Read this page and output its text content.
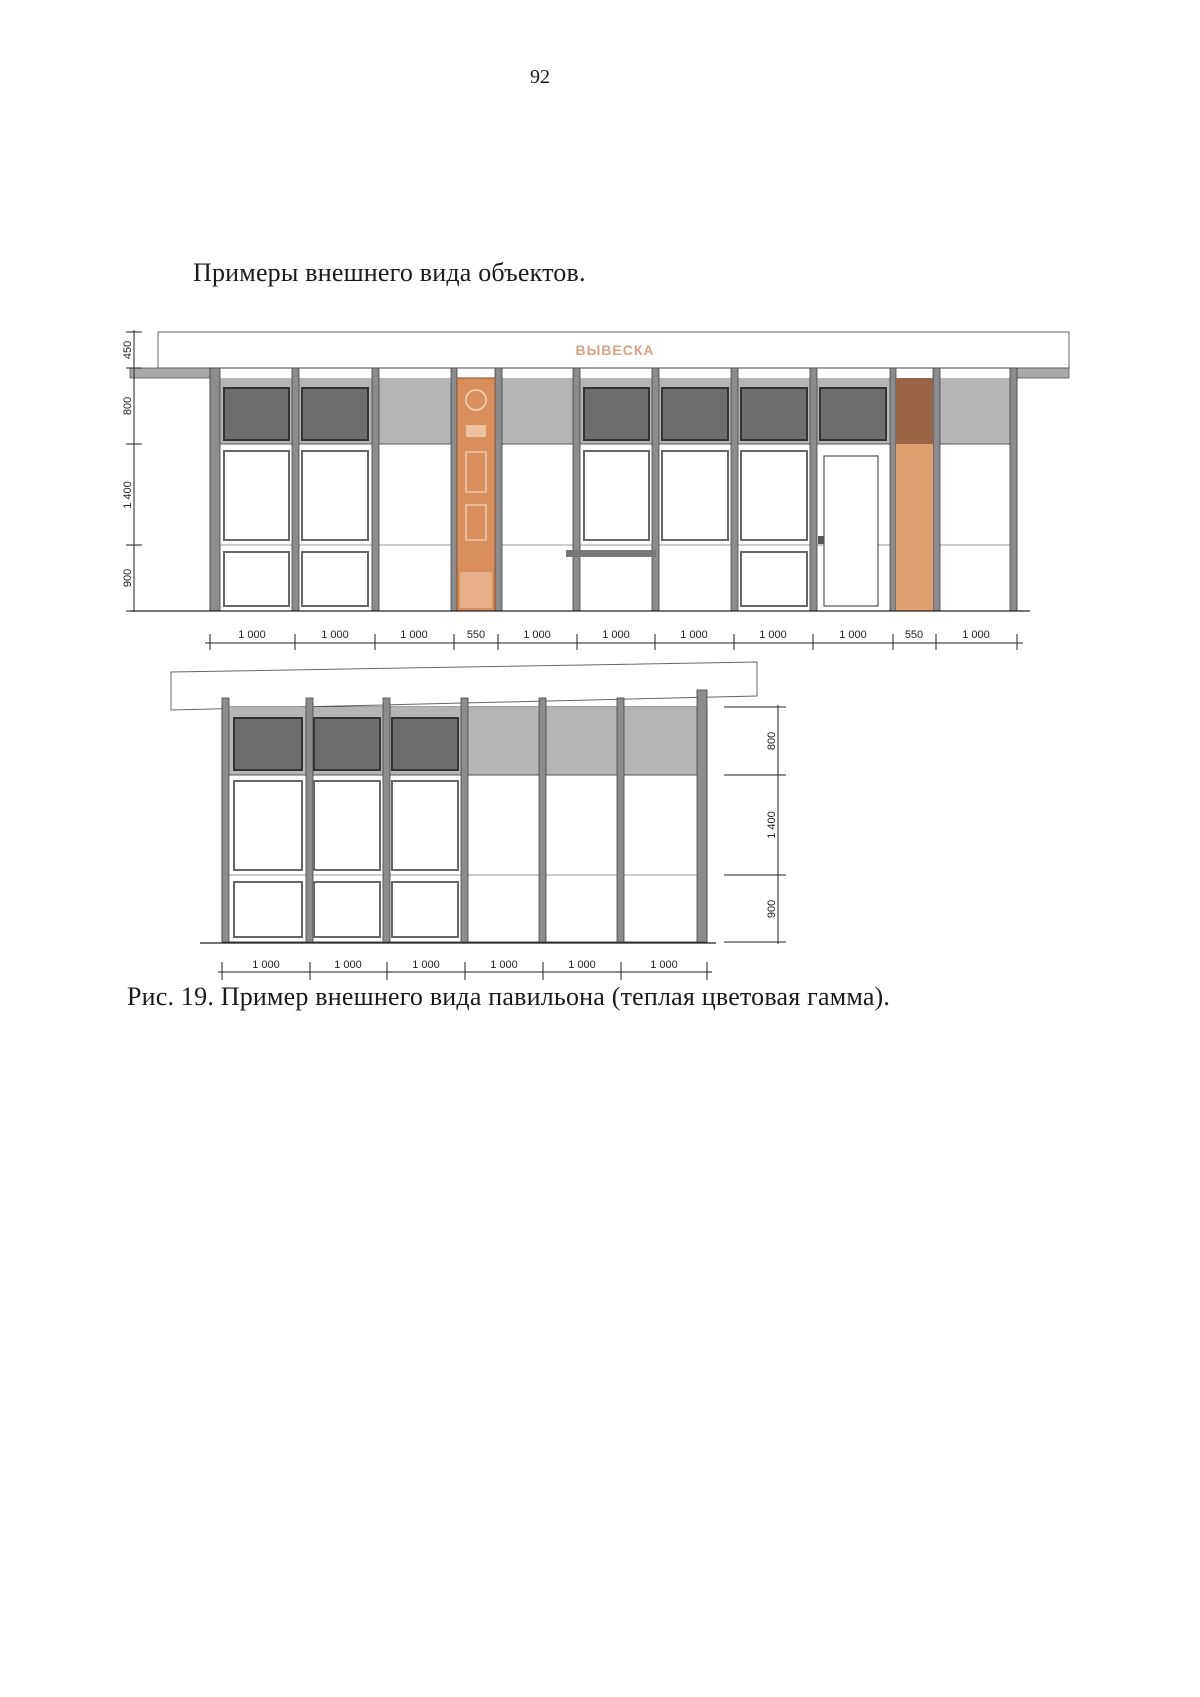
92
Примеры внешнего вида объектов.
ВЫВЕСКА
450
800
1 400
900
1 000	1 000	1 000	550	1 000	1 000	1 000	1 000	1 000	550	1 000
800
1 400
900
1 000	1 000	1 000	1 000	1 000	1 000
Рис. 19. Пример внешнего вида павильона (теплая цветовая гамма).
